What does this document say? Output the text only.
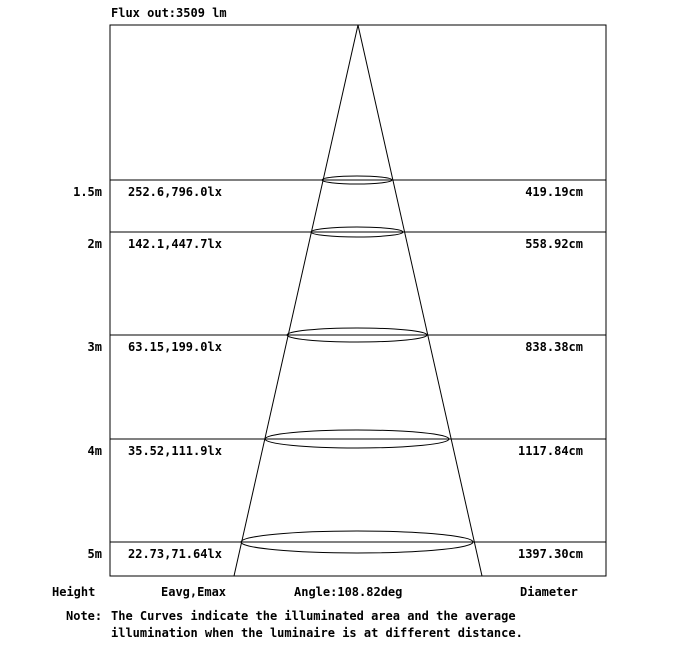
Flux out:3509 lm
1.5m 252.6,796.0lx	419.19cm
2m 142.1,447.7lx	558.92cm
3m 63.15,199.0lx	838.38cm
4m 35.52,111.9lx	1117.84cm
5m 22.73,71.64lx	1397.30cm
Height	Eavg,Emax	Angle:108.82deg	Diameter
Note: The Curves indicate the illuminated area and the average
illumination when the luminaire is at different distance.
